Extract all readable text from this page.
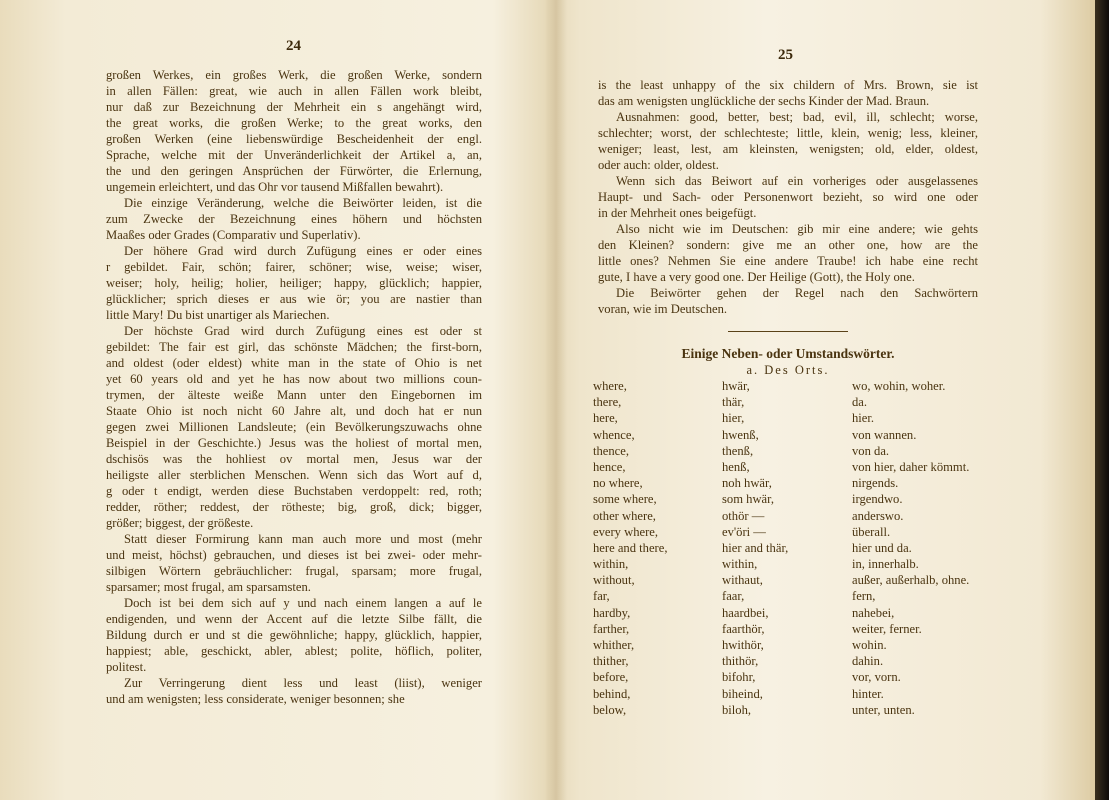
24
25
großen Werkes, ein großes Werk, die großen Werke, sondern
in allen Fällen: great, wie auch in allen Fällen work bleibt,
nur daß zur Bezeichnung der Mehrheit ein s angehängt wird,
the great works, die großen Werke; to the great works, den
großen Werken (eine liebenswürdige Bescheidenheit der engl.
Sprache, welche mit der Unveränderlichkeit der Artikel a, an,
the und den geringen Ansprüchen der Fürwörter, die Erlernung,
ungemein erleichtert, und das Ohr vor tausend Mißfallen bewahrt).
Die einzige Veränderung, welche die Beiwörter leiden, ist die
zum Zwecke der Bezeichnung eines höhern und höchsten
Maaßes oder Grades (Comparativ und Superlativ).
Der höhere Grad wird durch Zufügung eines er oder eines
r gebildet. Fair, schön; fairer, schöner; wise, weise; wiser,
weiser; holy, heilig; holier, heiliger; happy, glücklich; happier,
glücklicher; sprich dieses er aus wie ör; you are nastier than
little Mary! Du bist unartiger als Mariechen.
Der höchste Grad wird durch Zufügung eines est oder st
gebildet: The fair est girl, das schönste Mädchen; the first-born,
and oldest (oder eldest) white man in the state of Ohio is net
yet 60 years old and yet he has now about two millions coun-
trymen, der älteste weiße Mann unter den Eingebornen im
Staate Ohio ist noch nicht 60 Jahre alt, und doch hat er nun
gegen zwei Millionen Landsleute; (ein Bevölkerungszuwachs ohne
Beispiel in der Geschichte.) Jesus was the holiest of mortal men,
dschisös was the hohliest ov mortal men, Jesus war der
heiligste aller sterblichen Menschen. Wenn sich das Wort auf d,
g oder t endigt, werden diese Buchstaben verdoppelt: red, roth;
redder, röther; reddest, der rötheste; big, groß, dick; bigger,
größer; biggest, der größeste.
Statt dieser Formirung kann man auch more und most (mehr
und meist, höchst) gebrauchen, und dieses ist bei zwei- oder mehr-
silbigen Wörtern gebräuchlicher: frugal, sparsam; more frugal,
sparsamer; most frugal, am sparsamsten.
Doch ist bei dem sich auf y und nach einem langen a auf le
endigenden, und wenn der Accent auf die letzte Silbe fällt, die
Bildung durch er und st die gewöhnliche; happy, glücklich, happier,
happiest; able, geschickt, abler, ablest; polite, höflich, politer,
politest.
Zur Verringerung dient less und least (liist), weniger
und am wenigsten; less considerate, weniger besonnen; she
is the least unhappy of the six childern of Mrs. Brown, sie ist
das am wenigsten unglückliche der sechs Kinder der Mad. Braun.
Ausnahmen: good, better, best; bad, evil, ill, schlecht; worse,
schlechter; worst, der schlechteste; little, klein, wenig; less, kleiner,
weniger; least, lest, am kleinsten, wenigsten; old, elder, oldest,
oder auch: older, oldest.
Wenn sich das Beiwort auf ein vorheriges oder ausgelassenes
Haupt- und Sach- oder Personenwort bezieht, so wird one oder
in der Mehrheit ones beigefügt.
Also nicht wie im Deutschen: gib mir eine andere; wie gehts
den Kleinen? sondern: give me an other one, how are the
little ones? Nehmen Sie eine andere Traube! ich habe eine recht
gute, I have a very good one. Der Heilige (Gott), the Holy one.
Die Beiwörter gehen der Regel nach den Sachwörtern
voran, wie im Deutschen.
Einige Neben- oder Umstandswörter.
a. Des Orts.
where,	hwär,	wo, wohin, woher.
there,	thär,	da.
here,	hier,	hier.
whence,	hwenß,	von wannen.
thence,	thenß,	von da.
hence,	henß,	von hier, daher kömmt.
no where,	noh hwär,	nirgends.
some where,	som hwär,	irgendwo.
other where,	othör —	anderswo.
every where,	ev'öri —	überall.
here and there,	hier and thär,	hier und da.
within,	within,	in, innerhalb.
without,	withaut,	außer, außerhalb, ohne.
far,	faar,	fern,
hardby,	haardbei,	nahebei,
farther,	faarthör,	weiter, ferner.
whither,	hwithör,	wohin.
thither,	thithör,	dahin.
before,	bifohr,	vor, vorn.
behind,	biheind,	hinter.
below,	biloh,	unter, unten.
